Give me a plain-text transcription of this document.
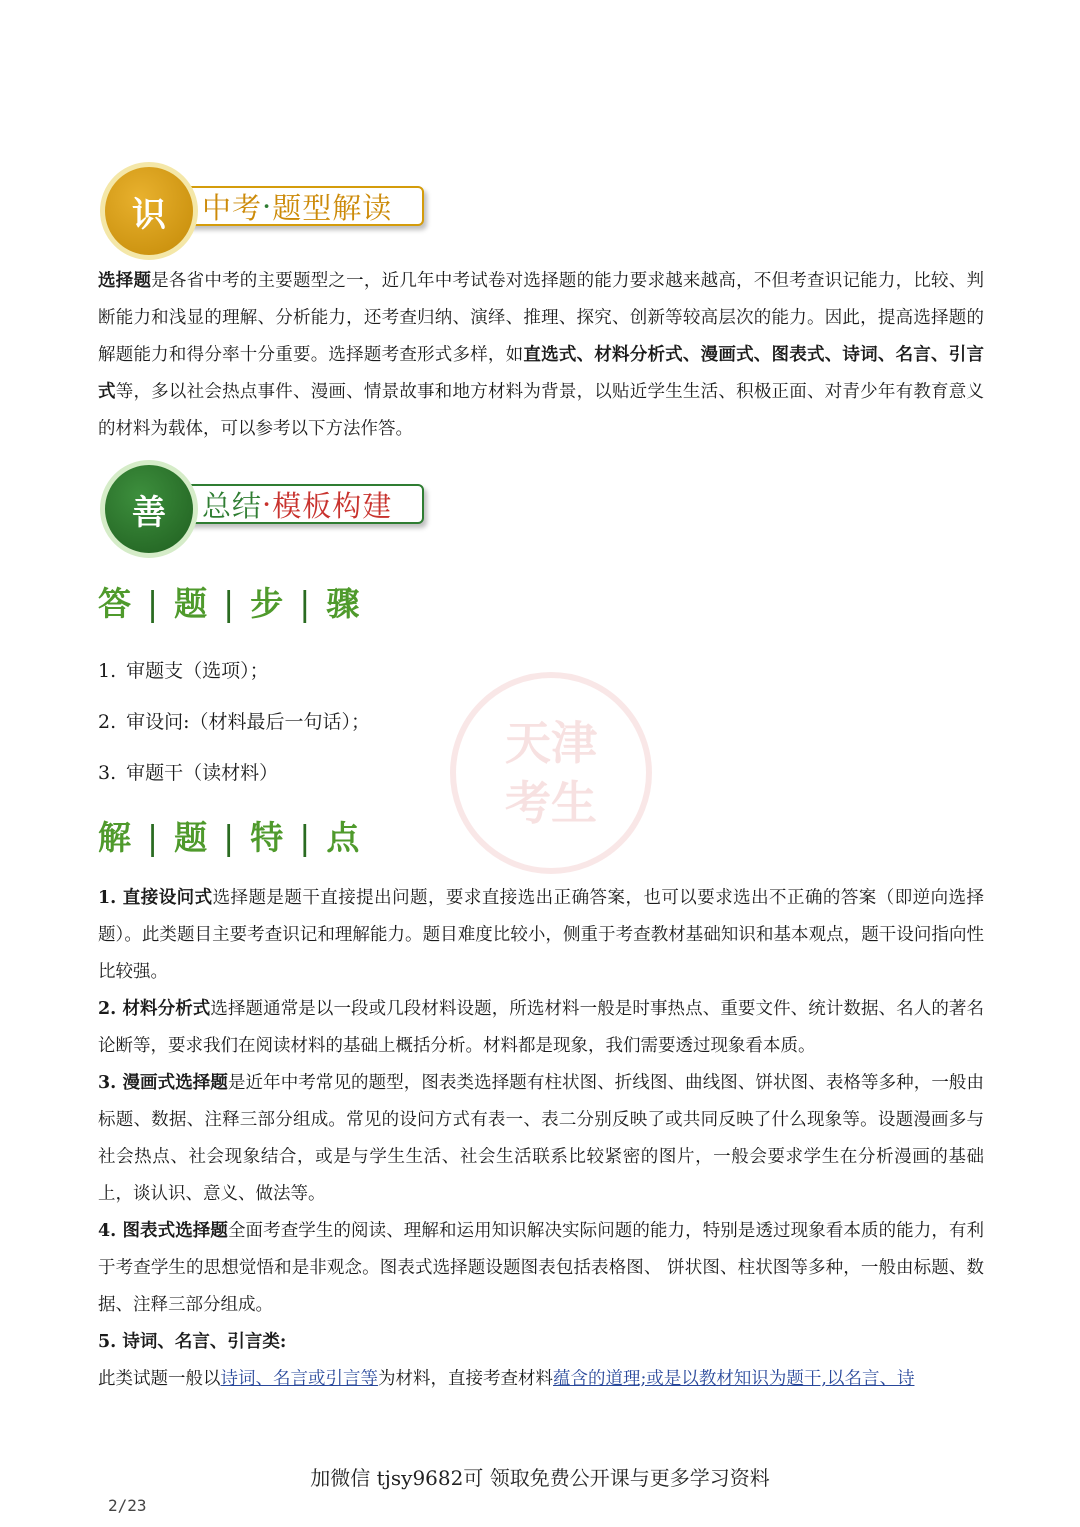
识	中考 · 题型解读
选择题是各省中考的主要题型之一，近几年中考试卷对选择题的能力要求越来越高，不但考查识记能力，比较、判断能力和浅显的理解、分析能力，还考查归纳、演绎、推理、探究、创新等较高层次的能力。因此，提高选择题的解题能力和得分率十分重要。选择题考查形式多样，如直选式、材料分析式、漫画式、图表式、诗词、名言、引言式等，多以社会热点事件、漫画、情景故事和地方材料为背景，以贴近学生生活、积极正面、对青少年有教育意义的材料为载体，可以参考以下方法作答。
善	总结 · 模板构建
答 | 题 | 步 | 骤
1. 审题支（选项）；
2. 审设问:（材料最后一句话）；
3. 审题干（读材料）
天津
考生
解 | 题 | 特 | 点
1. 直接设问式选择题是题干直接提出问题，要求直接选出正确答案，也可以要求选出不正确的答案（即逆向选择题）。此类题目主要考查识记和理解能力。题目难度比较小，侧重于考查教材基础知识和基本观点，题干设问指向性比较强。
2. 材料分析式选择题通常是以一段或几段材料设题，所选材料一般是时事热点、重要文件、统计数据、名人的著名论断等，要求我们在阅读材料的基础上概括分析。材料都是现象，我们需要透过现象看本质。
3. 漫画式选择题是近年中考常见的题型，图表类选择题有柱状图、折线图、曲线图、饼状图、表格等多种，一般由标题、数据、注释三部分组成。常见的设问方式有表一、表二分别反映了或共同反映了什么现象等。设题漫画多与社会热点、社会现象结合，或是与学生生活、社会生活联系比较紧密的图片，一般会要求学生在分析漫画的基础上，谈认识、意义、做法等。
4. 图表式选择题全面考查学生的阅读、理解和运用知识解决实际问题的能力，特别是透过现象看本质的能力，有利于考查学生的思想觉悟和是非观念。图表式选择题设题图表包括表格图、 饼状图、柱状图等多种，一般由标题、数据、注释三部分组成。
5. 诗词、名言、引言类:
此类试题一般以诗词、名言或引言等为材料，直接考查材料蕴含的道理;或是以教材知识为题干,以名言、诗
加微信 tjsy9682可 领取免费公开课与更多学习资料
2/23
